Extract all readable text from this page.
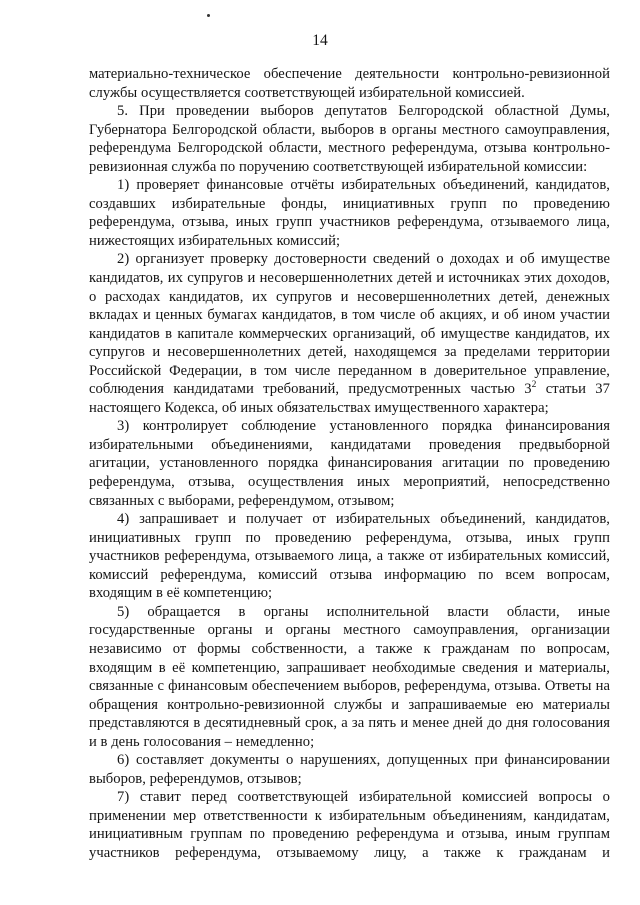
14

материально-техническое обеспечение деятельности контрольно-ревизионной службы осуществляется соответствующей избирательной комиссией.

5. При проведении выборов депутатов Белгородской областной Думы, Губернатора Белгородской области, выборов в органы местного самоуправления, референдума Белгородской области, местного референдума, отзыва контрольно-ревизионная служба по поручению соответствующей избирательной комиссии:

1) проверяет финансовые отчёты избирательных объединений, кандидатов, создавших избирательные фонды, инициативных групп по проведению референдума, отзыва, иных групп участников референдума, отзываемого лица, нижестоящих избирательных комиссий;

2) организует проверку достоверности сведений о доходах и об имуществе кандидатов, их супругов и несовершеннолетних детей и источниках этих доходов, о расходах кандидатов, их супругов и несовершеннолетних детей, денежных вкладах и ценных бумагах кандидатов, в том числе об акциях, и об ином участии кандидатов в капитале коммерческих организаций, об имуществе кандидатов, их супругов и несовершеннолетних детей, находящемся за пределами территории Российской Федерации, в том числе переданном в доверительное управление, соблюдения кандидатами требований, предусмотренных частью $3^2$ статьи 37 настоящего Кодекса, об иных обязательствах имущественного характера;

3) контролирует соблюдение установленного порядка финансирования избирательными объединениями, кандидатами проведения предвыборной агитации, установленного порядка финансирования агитации по проведению референдума, отзыва, осуществления иных мероприятий, непосредственно связанных с выборами, референдумом, отзывом;

4) запрашивает и получает от избирательных объединений, кандидатов, инициативных групп по проведению референдума, отзыва, иных групп участников референдума, отзываемого лица, а также от избирательных комиссий, комиссий референдума, комиссий отзыва информацию по всем вопросам, входящим в её компетенцию;

5) обращается в органы исполнительной власти области, иные государственные органы и органы местного самоуправления, организации независимо от формы собственности, а также к гражданам по вопросам, входящим в её компетенцию, запрашивает необходимые сведения и материалы, связанные с финансовым обеспечением выборов, референдума, отзыва. Ответы на обращения контрольно-ревизионной службы и запрашиваемые ею материалы представляются в десятидневный срок, а за пять и менее дней до дня голосования и в день голосования – немедленно;

6) составляет документы о нарушениях, допущенных при финансировании выборов, референдумов, отзывов;

7) ставит перед соответствующей избирательной комиссией вопросы о применении мер ответственности к избирательным объединениям, кандидатам, инициативным группам по проведению референдума и отзыва, иным группам участников референдума, отзываемому лицу, а также к гражданам и
